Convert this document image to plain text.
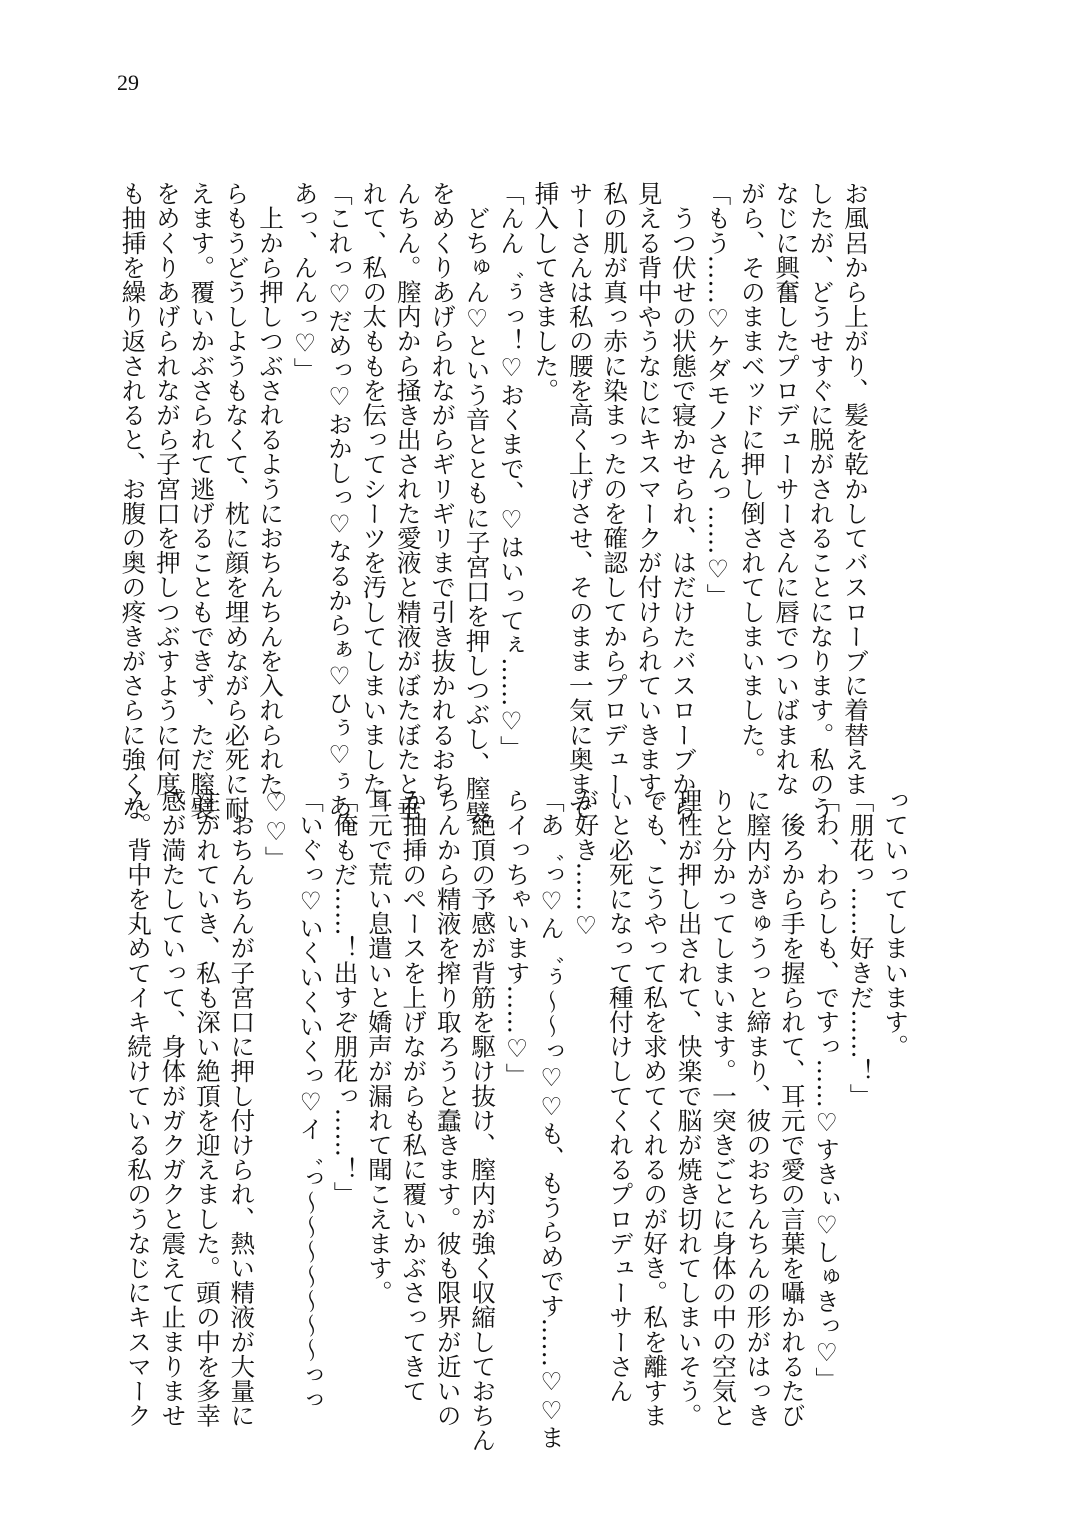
29
お風呂から上がり、髪を乾かしてバスローブに着替えま
したが、どうせすぐに脱がされることになります。私のう
なじに興奮したプロデューサーさんに唇でついばまれな
がら、そのままベッドに押し倒されてしまいました。
「もう……♡ケダモノさんっ……♡」
　うつ伏せの状態で寝かせられ、はだけたバスローブから
見える背中やうなじにキスマークが付けられていきます。
私の肌が真っ赤に染まったのを確認してからプロデュー
サーさんは私の腰を高く上げさせ、そのまま一気に奥まで
挿入してきました。
「んん゛ぅっ！♡おくまで、♡はいってぇ……♡」
　どちゅん♡という音とともに子宮口を押しつぶし、膣襞
をめくりあげられながらギリギリまで引き抜かれるおち
んちん。膣内から掻き出された愛液と精液がぼたぼたと垂
れて、私の太ももを伝ってシーツを汚してしまいました。
「これっ♡だめっ♡おかしっ♡なるからぁ♡ひぅ♡ぅあ、
あっ、んんっ♡」
　上から押しつぶされるようにおちんちんを入れられた
らもうどうしようもなくて、枕に顔を埋めながら必死に耐
えます。覆いかぶさられて逃げることもできず、ただ膣襞
をめくりあげられながら子宮口を押しつぶすように何度
も抽挿を繰り返されると、お腹の奥の疼きがさらに強くな
っていってしまいます。
「朋花っ……好きだ……！」
「わ、わらしも、ですっ……♡すきぃ♡しゅきっ♡」
　後ろから手を握られて、耳元で愛の言葉を囁かれるたび
に膣内がきゅうっと締まり、彼のおちんちんの形がはっき
りと分かってしまいます。一突きごとに身体の中の空気と
理性が押し出されて、快楽で脳が焼き切れてしまいそう。
でも、こうやって私を求めてくれるのが好き。私を離すま
いと必死になって種付けしてくれるプロデューサーさん
が好き……♡
「あ゛っ♡ん゛ぅ～～っ♡♡も、もうらめです……♡♡ま
らイっちゃいます……♡」
　絶頂の予感が背筋を駆け抜け、膣内が強く収縮しておちん
ちんから精液を搾り取ろうと蠢きます。彼も限界が近いの
か抽挿のペースを上げながらも私に覆いかぶさってきて
耳元で荒い息遣いと嬌声が漏れて聞こえます。
「俺もだ……！出すぞ朋花っ……！」
「いぐっ♡いくいくいくっ♡イ゛っ～～～～～～～っっ
♡♡」
　おちんちんが子宮口に押し付けられ、熱い精液が大量に
注がれていき、私も深い絶頂を迎えました。頭の中を多幸
感が満たしていって、身体がガクガクと震えて止まりませ
ん。背中を丸めてイキ続けている私のうなじにキスマーク
